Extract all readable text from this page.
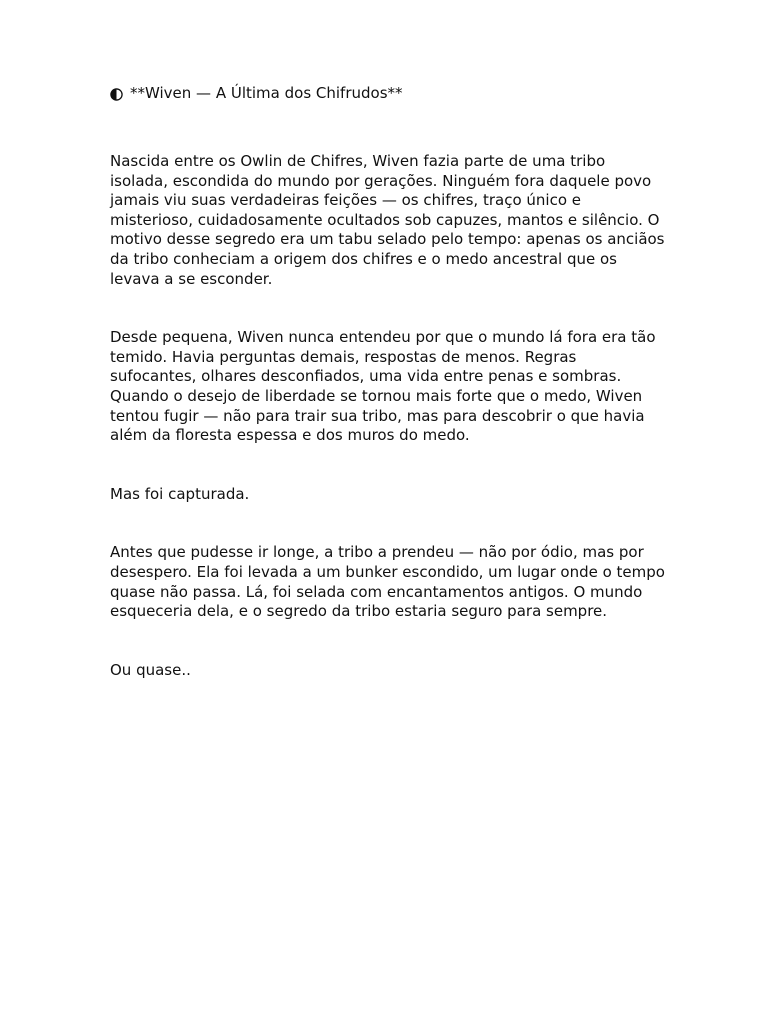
**Wiven — A Última dos Chifrudos**

Nascida entre os Owlin de Chifres, Wiven fazia parte de uma tribo isolada, escondida do mundo por gerações. Ninguém fora daquele povo jamais viu suas verdadeiras feições — os chifres, traço único e misterioso, cuidadosamente ocultados sob capuzes, mantos e silêncio. O motivo desse segredo era um tabu selado pelo tempo: apenas os anciãos da tribo conheciam a origem dos chifres e o medo ancestral que os levava a se esconder.

Desde pequena, Wiven nunca entendeu por que o mundo lá fora era tão temido. Havia perguntas demais, respostas de menos. Regras sufocantes, olhares desconfiados, uma vida entre penas e sombras. Quando o desejo de liberdade se tornou mais forte que o medo, Wiven tentou fugir — não para trair sua tribo, mas para descobrir o que havia além da floresta espessa e dos muros do medo.

Mas foi capturada.

Antes que pudesse ir longe, a tribo a prendeu — não por ódio, mas por desespero. Ela foi levada a um bunker escondido, um lugar onde o tempo quase não passa. Lá, foi selada com encantamentos antigos. O mundo esqueceria dela, e o segredo da tribo estaria seguro para sempre.

Ou quase..
